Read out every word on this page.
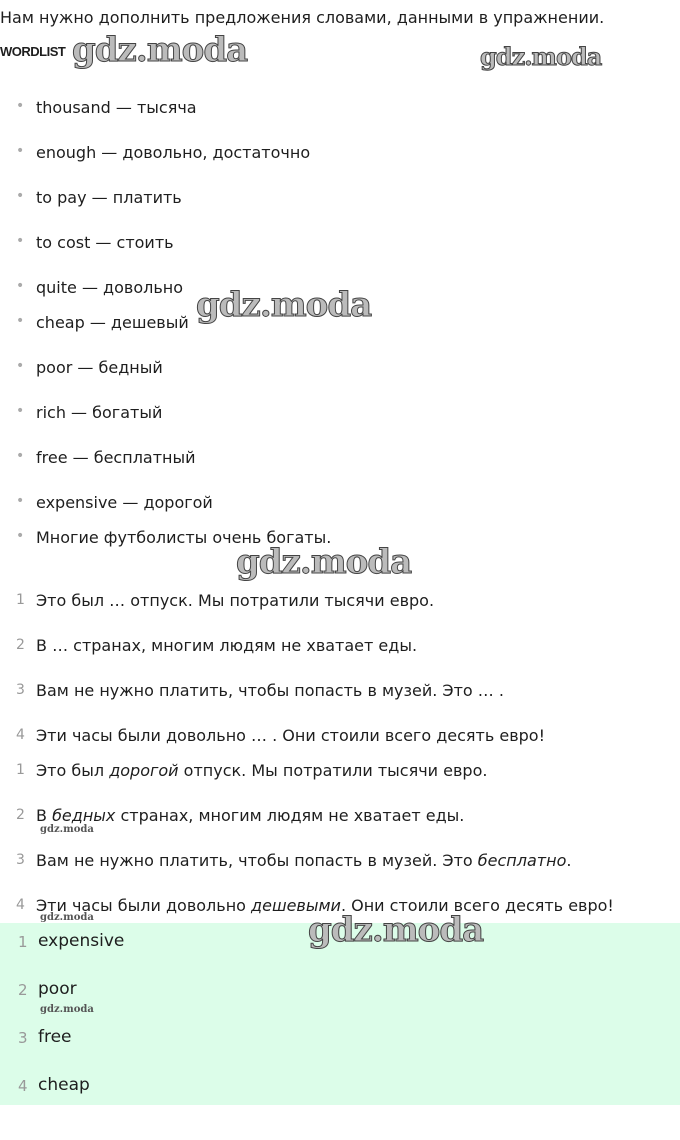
Нам нужно дополнить предложения словами, данными в упражнении.
WORDLIST gdz.moda	gdz.moda
gdz.moda
gdz.moda
• thousand — тысяча
• enough — довольно, достаточно
• to pay — платить
• to cost — стоить
• quite — довольно
• cheap — дешевый
• poor — бедный
• rich — богатый
• free — бесплатный
• expensive — дорогой
• Многие футболисты очень богаты.
1 Это был … отпуск. Мы потратили тысячи евро.
2 В … странах, многим людям не хватает еды.
3 Вам не нужно платить, чтобы попасть в музей. Это … .
4 Эти часы были довольно … . Они стоили всего десять евро!
1 Это был дорогой отпуск. Мы потратили тысячи евро.
2 В бедных странах, многим людям не хватает еды.
3 Вам не нужно платить, чтобы попасть в музей. Это бесплатно.
4 Эти часы были довольно дешевыми. Они стоили всего десять евро!
gdz.moda
gdz.moda
1 expensive
2 poor
3 free
4 cheap
gdz.moda
gdz.moda
